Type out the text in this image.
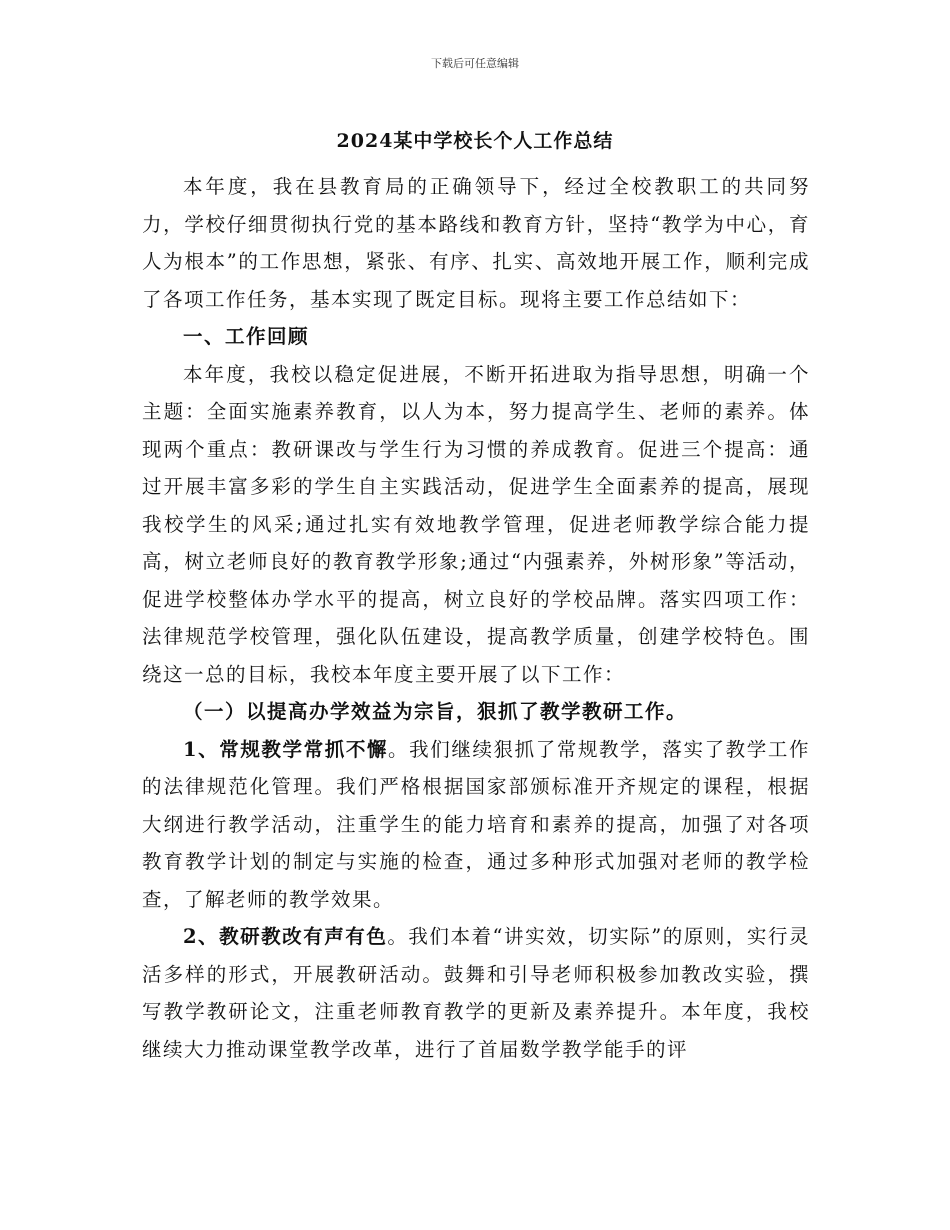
下载后可任意编辑
2024某中学校长个人工作总结

本年度，我在县教育局的正确领导下，经过全校教职工的共同努力，学校仔细贯彻执行党的基本路线和教育方针，坚持“教学为中心，育人为根本”的工作思想，紧张、有序、扎实、高效地开展工作，顺利完成了各项工作任务，基本实现了既定目标。现将主要工作总结如下：

一、工作回顾

本年度，我校以稳定促进展，不断开拓进取为指导思想，明确一个主题：全面实施素养教育，以人为本，努力提高学生、老师的素养。体现两个重点：教研课改与学生行为习惯的养成教育。促进三个提高：通过开展丰富多彩的学生自主实践活动，促进学生全面素养的提高，展现我校学生的风采;通过扎实有效地教学管理，促进老师教学综合能力提高，树立老师良好的教育教学形象;通过“内强素养，外树形象”等活动，促进学校整体办学水平的提高，树立良好的学校品牌。落实四项工作：法律规范学校管理，强化队伍建设，提高教学质量，创建学校特色。围绕这一总的目标，我校本年度主要开展了以下工作：

（一）以提高办学效益为宗旨，狠抓了教学教研工作。

1、常规教学常抓不懈。我们继续狠抓了常规教学，落实了教学工作的法律规范化管理。我们严格根据国家部颁标准开齐规定的课程，根据大纲进行教学活动，注重学生的能力培育和素养的提高，加强了对各项教育教学计划的制定与实施的检查，通过多种形式加强对老师的教学检查，了解老师的教学效果。

2、教研教改有声有色。我们本着“讲实效，切实际”的原则，实行灵活多样的形式，开展教研活动。鼓舞和引导老师积极参加教改实验，撰写教学教研论文，注重老师教育教学的更新及素养提升。本年度，我校继续大力推动课堂教学改革，进行了首届数学教学能手的评
